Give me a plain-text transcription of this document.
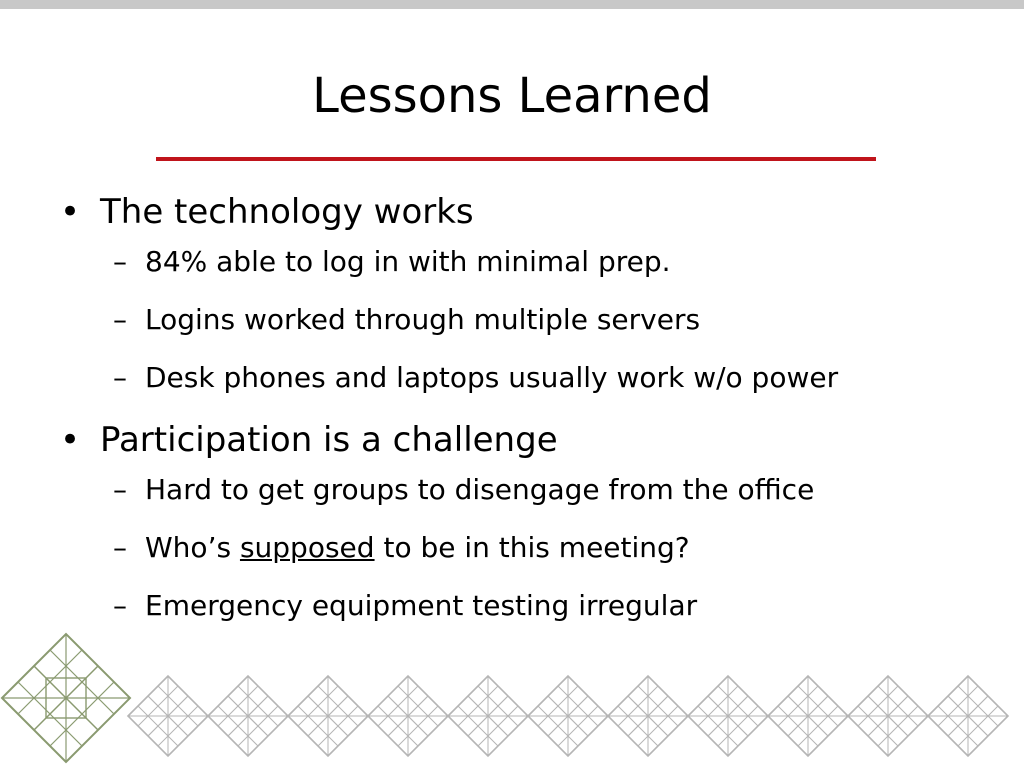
Lessons Learned
• The technology works
– 84% able to log in with minimal prep.
– Logins worked through multiple servers
– Desk phones and laptops usually work w/o power
• Participation is a challenge
– Hard to get groups to disengage from the office
– Who’s supposed to be in this meeting?
– Emergency equipment testing irregular
